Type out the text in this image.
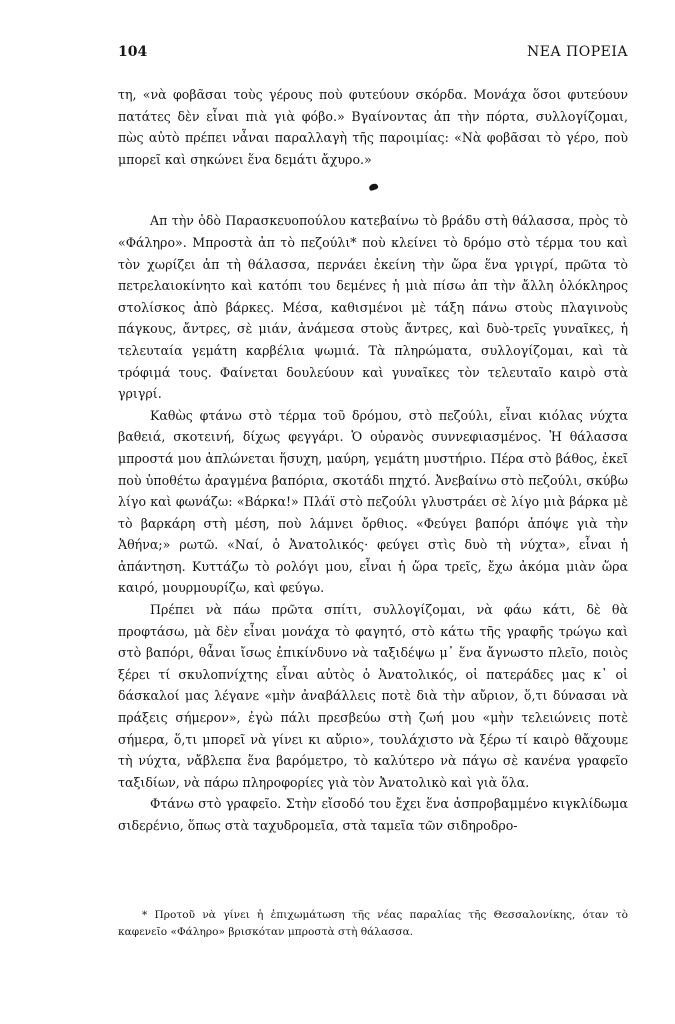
104	ΝΕΑ ΠΟΡΕΙΑ

τη, «νὰ φοβᾶσαι τοὺς γέρους ποὺ φυτεύουν σκόρδα. Μονάχα ὅσοι φυτεύουν πατάτες δὲν εἶναι πιὰ γιὰ φόβο.» Βγαίνοντας ἀπ τὴν πόρτα, συλλογίζομαι, πὼς αὐτὸ πρέπει νἆναι παραλλαγὴ τῆς παροιμίας: «Νὰ φοβᾶσαι τὸ γέρο, ποὺ μπορεῖ καὶ σηκώνει ἕνα δεμάτι ἄχυρο.»

Απ τὴν ὁδὸ Παρασκευοπούλου κατεβαίνω τὸ βράδυ στὴ θάλασσα, πρὸς τὸ «Φάληρο». Μπροστὰ ἀπ τὸ πεζούλι* ποὺ κλείνει τὸ δρόμο στὸ τέρμα του καὶ τὸν χωρίζει ἀπ τὴ θάλασσα, περνάει ἐκείνη τὴν ὥρα ἕνα γριγρί, πρῶτα τὸ πετρελαιοκίνητο καὶ κατόπι του δεμένες ἡ μιὰ πίσω ἀπ τὴν ἄλλη ὁλόκληρος στολίσκος ἀπὸ βάρκες. Μέσα, καθισμένοι μὲ τάξη πάνω στοὺς πλαγινοὺς πάγκους, ἄντρες, σὲ μιάν, ἀνάμεσα στοὺς ἄντρες, καὶ δυὸ-τρεῖς γυναῖκες, ἡ τελευταία γεμάτη καρβέλια ψωμιά. Τὰ πληρώματα, συλλογίζομαι, καὶ τὰ τρόφιμά τους. Φαίνεται δουλεύουν καὶ γυναῖκες τὸν τελευταῖο καιρὸ στὰ γριγρί.

Καθὼς φτάνω στὸ τέρμα τοῦ δρόμου, στὸ πεζούλι, εἶναι κιόλας νύχτα βαθειά, σκοτεινή, δίχως φεγγάρι. Ὁ οὐρανὸς συννεφιασμένος. Ἡ θάλασσα μπροστά μου ἁπλώνεται ἥσυχη, μαύρη, γεμάτη μυστήριο. Πέρα στὸ βάθος, ἐκεῖ ποὺ ὑποθέτω ἀραγμένα βαπόρια, σκοτάδι πηχτό. Ἀνεβαίνω στὸ πεζούλι, σκύβω λίγο καὶ φωνάζω: «Βάρκα!» Πλάϊ στὸ πεζούλι γλυστράει σὲ λίγο μιὰ βάρκα μὲ τὸ βαρκάρη στὴ μέση, ποὺ λάμνει ὄρθιος. «Φεύγει βαπόρι ἀπόψε γιὰ τὴν Ἀθήνα;» ρωτῶ. «Ναί, ὁ Ἀνατολικός· φεύγει στὶς δυὸ τὴ νύχτα», εἶναι ἡ ἀπάντηση. Κυττάζω τὸ ρολόγι μου, εἶναι ἡ ὥρα τρεῖς, ἔχω ἀκόμα μιὰν ὥρα καιρό, μουρμουρίζω, καὶ φεύγω.

Πρέπει νὰ πάω πρῶτα σπίτι, συλλογίζομαι, νὰ φάω κάτι, δὲ θὰ προφτάσω, μὰ δὲν εἶναι μονάχα τὸ φαγητό, στὸ κάτω τῆς γραφῆς τρώγω καὶ στὸ βαπόρι, θἆναι ἴσως ἐπικίνδυνο νὰ ταξιδέψω μ᾿ ἕνα ἄγνωστο πλεῖο, ποιὸς ξέρει τί σκυλοπνίχτης εἶναι αὐτὸς ὁ Ἀνατολικός, οἱ πατεράδες μας κ᾿ οἱ δάσκαλοί μας λέγανε «μὴν ἀναβάλλεις ποτὲ διὰ τὴν αὔριον, ὅ,τι δύνασαι νὰ πράξεις σήμερον», ἐγὼ πάλι πρεσβεύω στὴ ζωή μου «μὴν τελειώνεις ποτὲ σήμερα, ὅ,τι μπορεῖ νὰ γίνει κι αὔριο», τουλάχιστο νὰ ξέρω τί καιρὸ θἄχουμε τὴ νύχτα, νἄβλεπα ἕνα βαρόμετρο, τὸ καλύτερο νὰ πάγω σὲ κανένα γραφεῖο ταξιδίων, νὰ πάρω πληροφορίες γιὰ τὸν Ἀνατολικὸ καὶ γιὰ ὅλα.

Φτάνω στὸ γραφεῖο. Στὴν εἴσοδό του ἔχει ἕνα ἀσπροβαμμένο κιγκλίδωμα σιδερένιο, ὅπως στὰ ταχυδρομεῖα, στὰ ταμεῖα τῶν σιδηροδρο-

* Προτοῦ νὰ γίνει ἡ ἐπιχωμάτωση τῆς νέας παραλίας τῆς Θεσσαλονίκης, όταν τὸ καφενεῖο «Φάληρο» βρισκόταν μπροστὰ στὴ θάλασσα.
